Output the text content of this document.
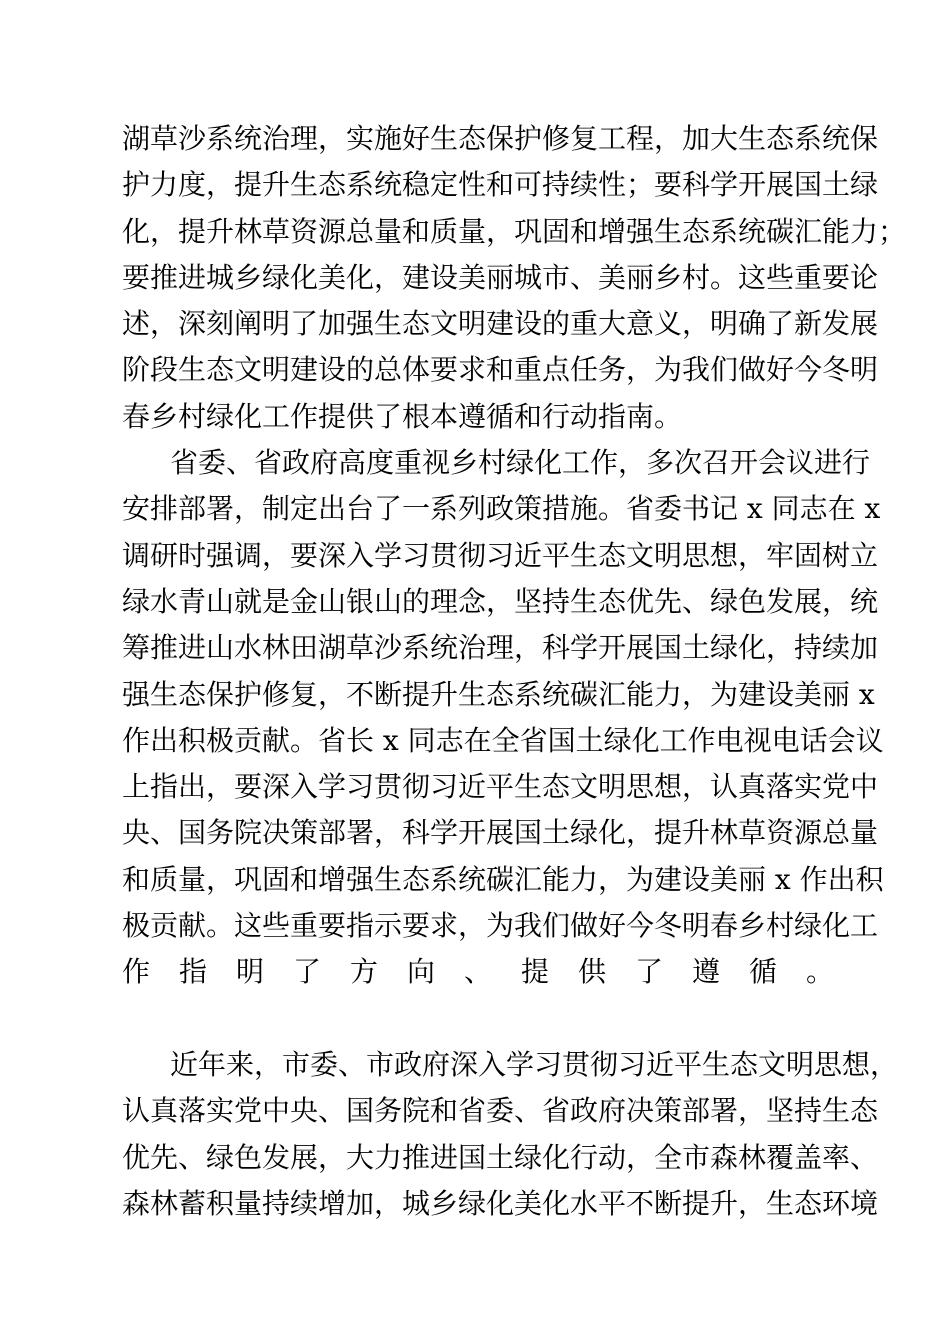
湖草沙系统治理，实施好生态保护修复工程，加大生态系统保
护力度，提升生态系统稳定性和可持续性；要科学开展国土绿
化，提升林草资源总量和质量，巩固和增强生态系统碳汇能力；
要推进城乡绿化美化，建设美丽城市、美丽乡村。这些重要论
述，深刻阐明了加强生态文明建设的重大意义，明确了新发展
阶段生态文明建设的总体要求和重点任务，为我们做好今冬明
春乡村绿化工作提供了根本遵循和行动指南。
省委、省政府高度重视乡村绿化工作，多次召开会议进行
安排部署，制定出台了一系列政策措施。省委书记 x 同志在 x
调研时强调，要深入学习贯彻习近平生态文明思想，牢固树立
绿水青山就是金山银山的理念，坚持生态优先、绿色发展，统
筹推进山水林田湖草沙系统治理，科学开展国土绿化，持续加
强生态保护修复，不断提升生态系统碳汇能力，为建设美丽 x
作出积极贡献。省长 x 同志在全省国土绿化工作电视电话会议
上指出，要深入学习贯彻习近平生态文明思想，认真落实党中
央、国务院决策部署，科学开展国土绿化，提升林草资源总量
和质量，巩固和增强生态系统碳汇能力，为建设美丽 x 作出积
极贡献。这些重要指示要求，为我们做好今冬明春乡村绿化工
作指明了方向、提供了遵循。
近年来，市委、市政府深入学习贯彻习近平生态文明思想，
认真落实党中央、国务院和省委、省政府决策部署，坚持生态
优先、绿色发展，大力推进国土绿化行动，全市森林覆盖率、
森林蓄积量持续增加，城乡绿化美化水平不断提升，生态环境
